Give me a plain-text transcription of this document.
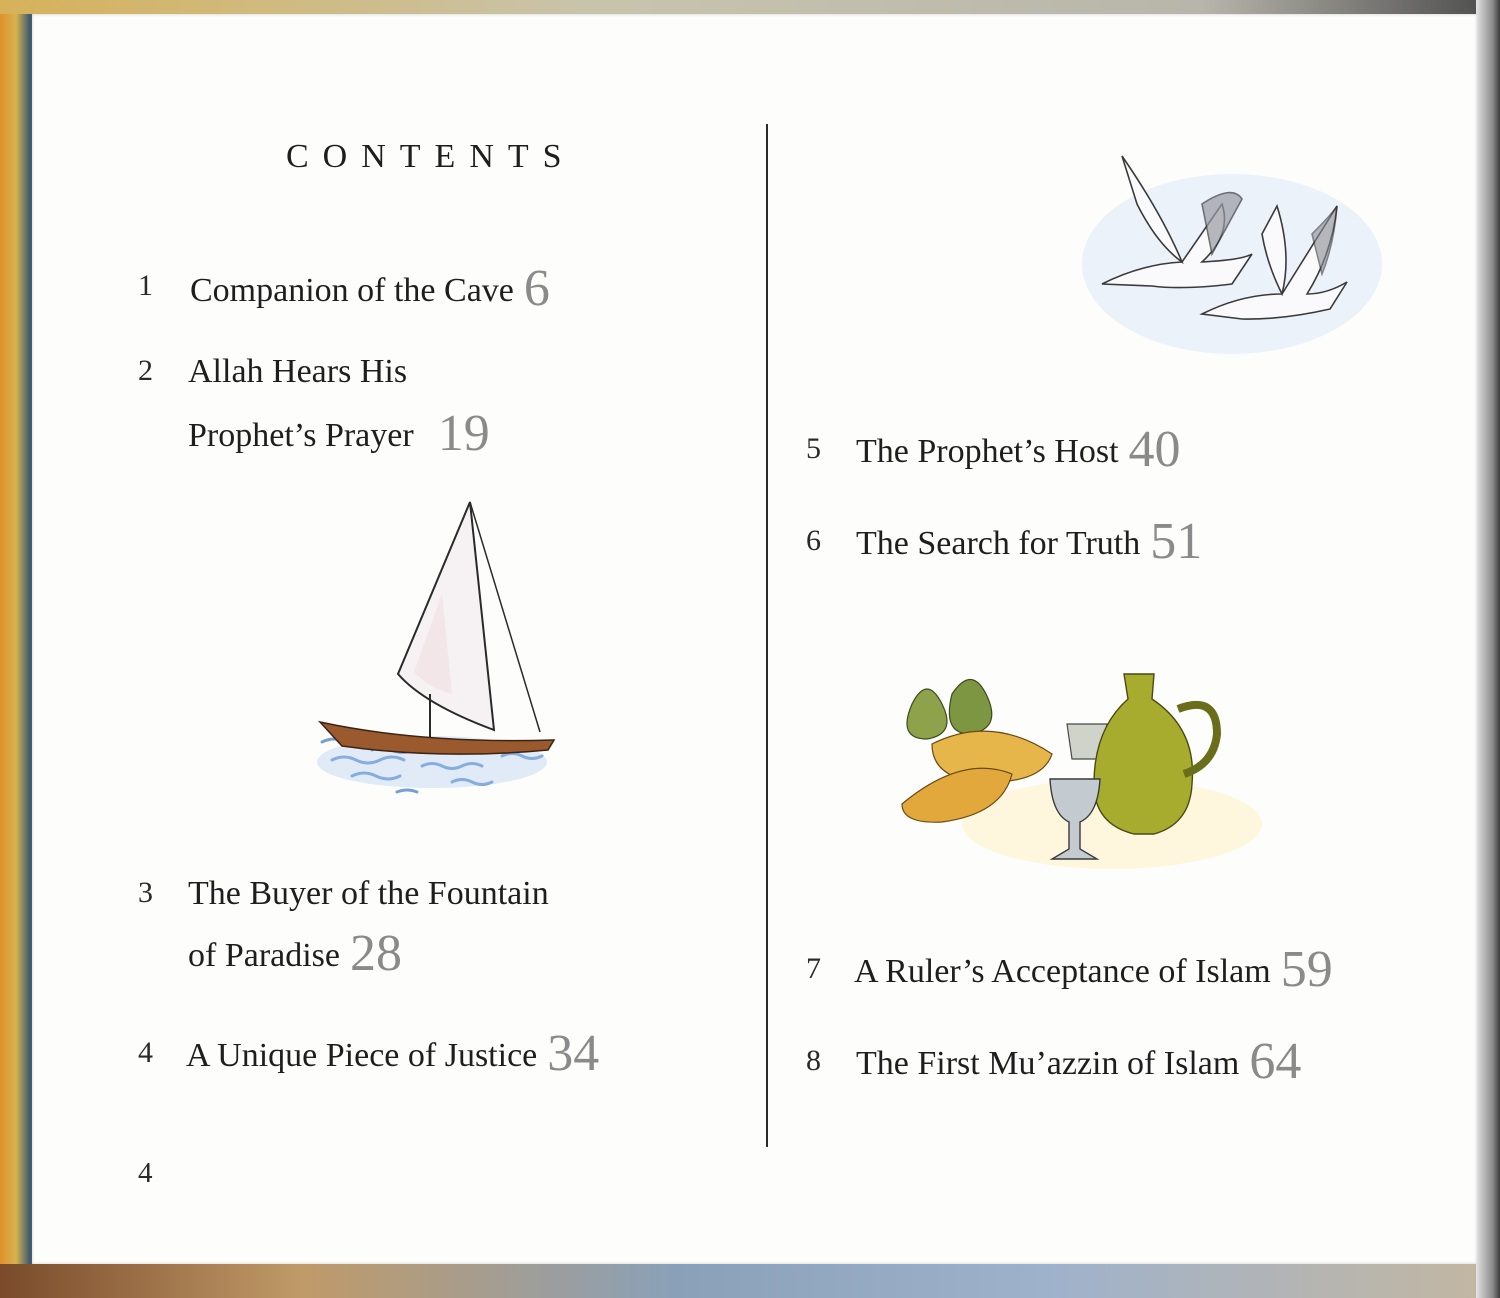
CONTENTS
1 Companion of the Cave 6
2 Allah Hears His
Prophet’s Prayer 19
3 The Buyer of the Fountain
of Paradise 28
4 A Unique Piece of Justice 34
5 The Prophet’s Host 40
6 The Search for Truth 51
7 A Ruler’s Acceptance of Islam 59
8 The First Mu’azzin of Islam 64
4
